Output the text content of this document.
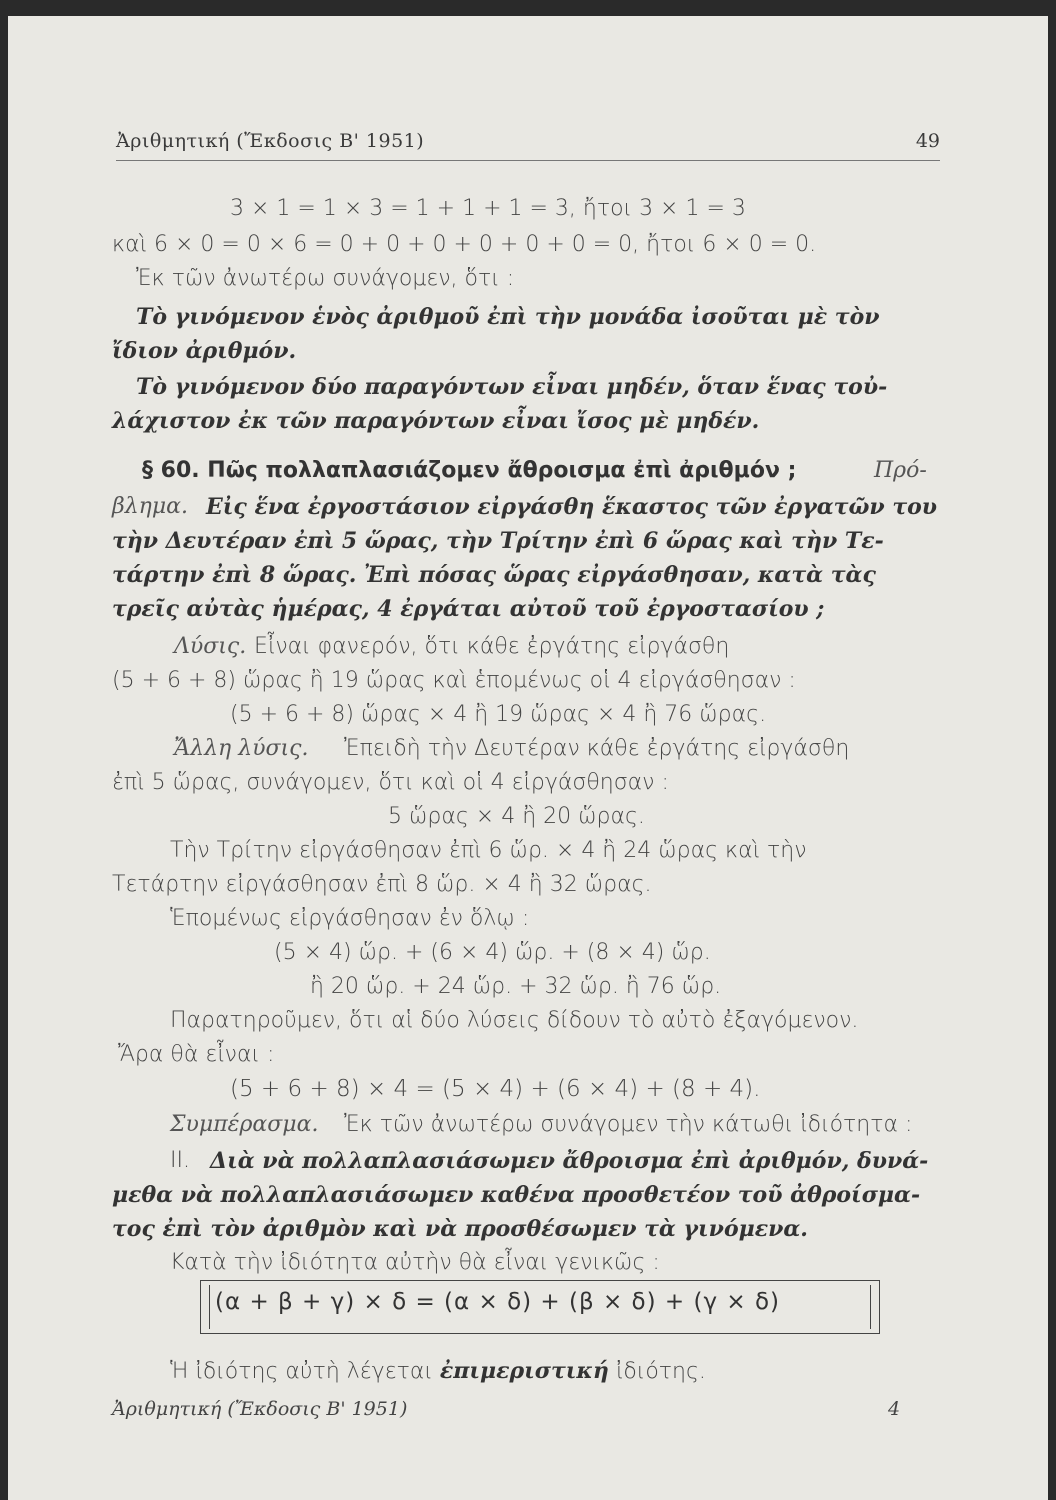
Ἀριθμητική (Ἔκδοσις Β' 1951)	49
3 × 1 = 1 × 3 = 1 + 1 + 1 = 3, ἤτοι 3 × 1 = 3
καὶ 6 × 0 = 0 × 6 = 0 + 0 + 0 + 0 + 0 + 0 = 0, ἤτοι 6 × 0 = 0.
Ἐκ τῶν ἀνωτέρω συνάγομεν, ὅτι :
Τὸ γινόμενον ἑνὸς ἀριθμοῦ ἐπὶ τὴν μονάδα ἰσοῦται μὲ τὸν
ἴδιον ἀριθμόν.
Τὸ γινόμενον δύο παραγόντων εἶναι μηδέν, ὅταν ἕνας τοὐ-
λάχιστον ἐκ τῶν παραγόντων εἶναι ἴσος μὲ μηδέν.
§ 60. Πῶς πολλαπλασιάζομεν ἄθροισμα ἐπὶ ἀριθμόν ;	Πρό-
βλημα. Εἰς ἕνα ἐργοστάσιον εἰργάσθη ἕκαστος τῶν ἐργατῶν του
τὴν Δευτέραν ἐπὶ 5 ὥρας, τὴν Τρίτην ἐπὶ 6 ὥρας καὶ τὴν Τε-
τάρτην ἐπὶ 8 ὥρας. Ἐπὶ πόσας ὥρας εἰργάσθησαν, κατὰ τὰς
τρεῖς αὐτὰς ἡμέρας, 4 ἐργάται αὐτοῦ τοῦ ἐργοστασίου ;
Λύσις. Εἶναι φανερόν, ὅτι κάθε ἐργάτης εἰργάσθη
(5 + 6 + 8) ὥρας ἢ 19 ὥρας καὶ ἑπομένως οἱ 4 εἰργάσθησαν :
(5 + 6 + 8) ὥρας × 4 ἢ 19 ὥρας × 4 ἢ 76 ὥρας.
Ἄλλη λύσις. Ἐπειδὴ τὴν Δευτέραν κάθε ἐργάτης εἰργάσθη
ἐπὶ 5 ὥρας, συνάγομεν, ὅτι καὶ οἱ 4 εἰργάσθησαν :
5 ὥρας × 4 ἢ 20 ὥρας.
Τὴν Τρίτην εἰργάσθησαν ἐπὶ 6 ὥρ. × 4 ἢ 24 ὥρας καὶ τὴν
Τετάρτην εἰργάσθησαν ἐπὶ 8 ὥρ. × 4 ἢ 32 ὥρας.
Ἑπομένως εἰργάσθησαν ἐν ὅλῳ :
(5 × 4) ὥρ. + (6 × 4) ὥρ. + (8 × 4) ὥρ.
ἢ 20 ὥρ. + 24 ὥρ. + 32 ὥρ. ἢ 76 ὥρ.
Παρατηροῦμεν, ὅτι αἱ δύο λύσεις δίδουν τὸ αὐτὸ ἐξαγόμενον.
Ἄρα θὰ εἶναι :
(5 + 6 + 8) × 4 = (5 × 4) + (6 × 4) + (8 + 4).
Συμπέρασμα. Ἐκ τῶν ἀνωτέρω συνάγομεν τὴν κάτωθι ἰδιότητα :
II. Διὰ νὰ πολλαπλασιάσωμεν ἄθροισμα ἐπὶ ἀριθμόν, δυνά-
μεθα νὰ πολλαπλασιάσωμεν καθένα προσθετέον τοῦ ἀθροίσμα-
τος ἐπὶ τὸν ἀριθμὸν καὶ νὰ προσθέσωμεν τὰ γινόμενα.
Κατὰ τὴν ἰδιότητα αὐτὴν θὰ εἶναι γενικῶς :
(α + β + γ) × δ = (α × δ) + (β × δ) + (γ × δ)
Ἡ ἰδιότης αὐτὴ λέγεται ἐπιμεριστική ἰδιότης.
Ἀριθμητική (Ἔκδοσις Β' 1951)	4
